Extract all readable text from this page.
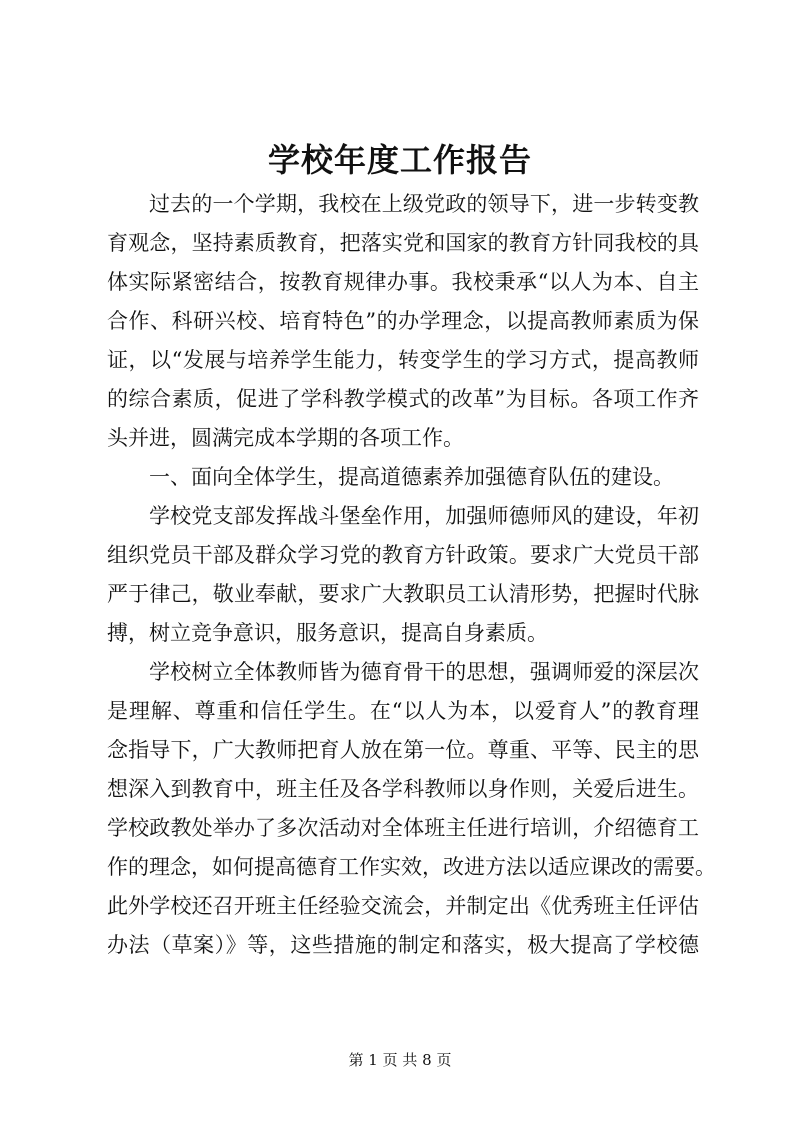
学校年度工作报告
过去的一个学期，我校在上级党政的领导下，进一步转变教
育观念，坚持素质教育，把落实党和国家的教育方针同我校的具
体实际紧密结合，按教育规律办事。我校秉承“以人为本、自主
合作、科研兴校、培育特色”的办学理念，以提高教师素质为保
证，以“发展与培养学生能力，转变学生的学习方式，提高教师
的综合素质，促进了学科教学模式的改革”为目标。各项工作齐
头并进，圆满完成本学期的各项工作。
一、面向全体学生，提高道德素养加强德育队伍的建设。
学校党支部发挥战斗堡垒作用，加强师德师风的建设，年初
组织党员干部及群众学习党的教育方针政策。要求广大党员干部
严于律己，敬业奉献，要求广大教职员工认清形势，把握时代脉
搏，树立竞争意识，服务意识，提高自身素质。
学校树立全体教师皆为德育骨干的思想，强调师爱的深层次
是理解、尊重和信任学生。在“以人为本，以爱育人”的教育理
念指导下，广大教师把育人放在第一位。尊重、平等、民主的思
想深入到教育中，班主任及各学科教师以身作则，关爱后进生。
学校政教处举办了多次活动对全体班主任进行培训，介绍德育工
作的理念，如何提高德育工作实效，改进方法以适应课改的需要。
此外学校还召开班主任经验交流会，并制定出《优秀班主任评估
办法（草案）》等，这些措施的制定和落实，极大提高了学校德
第 1 页 共 8 页
